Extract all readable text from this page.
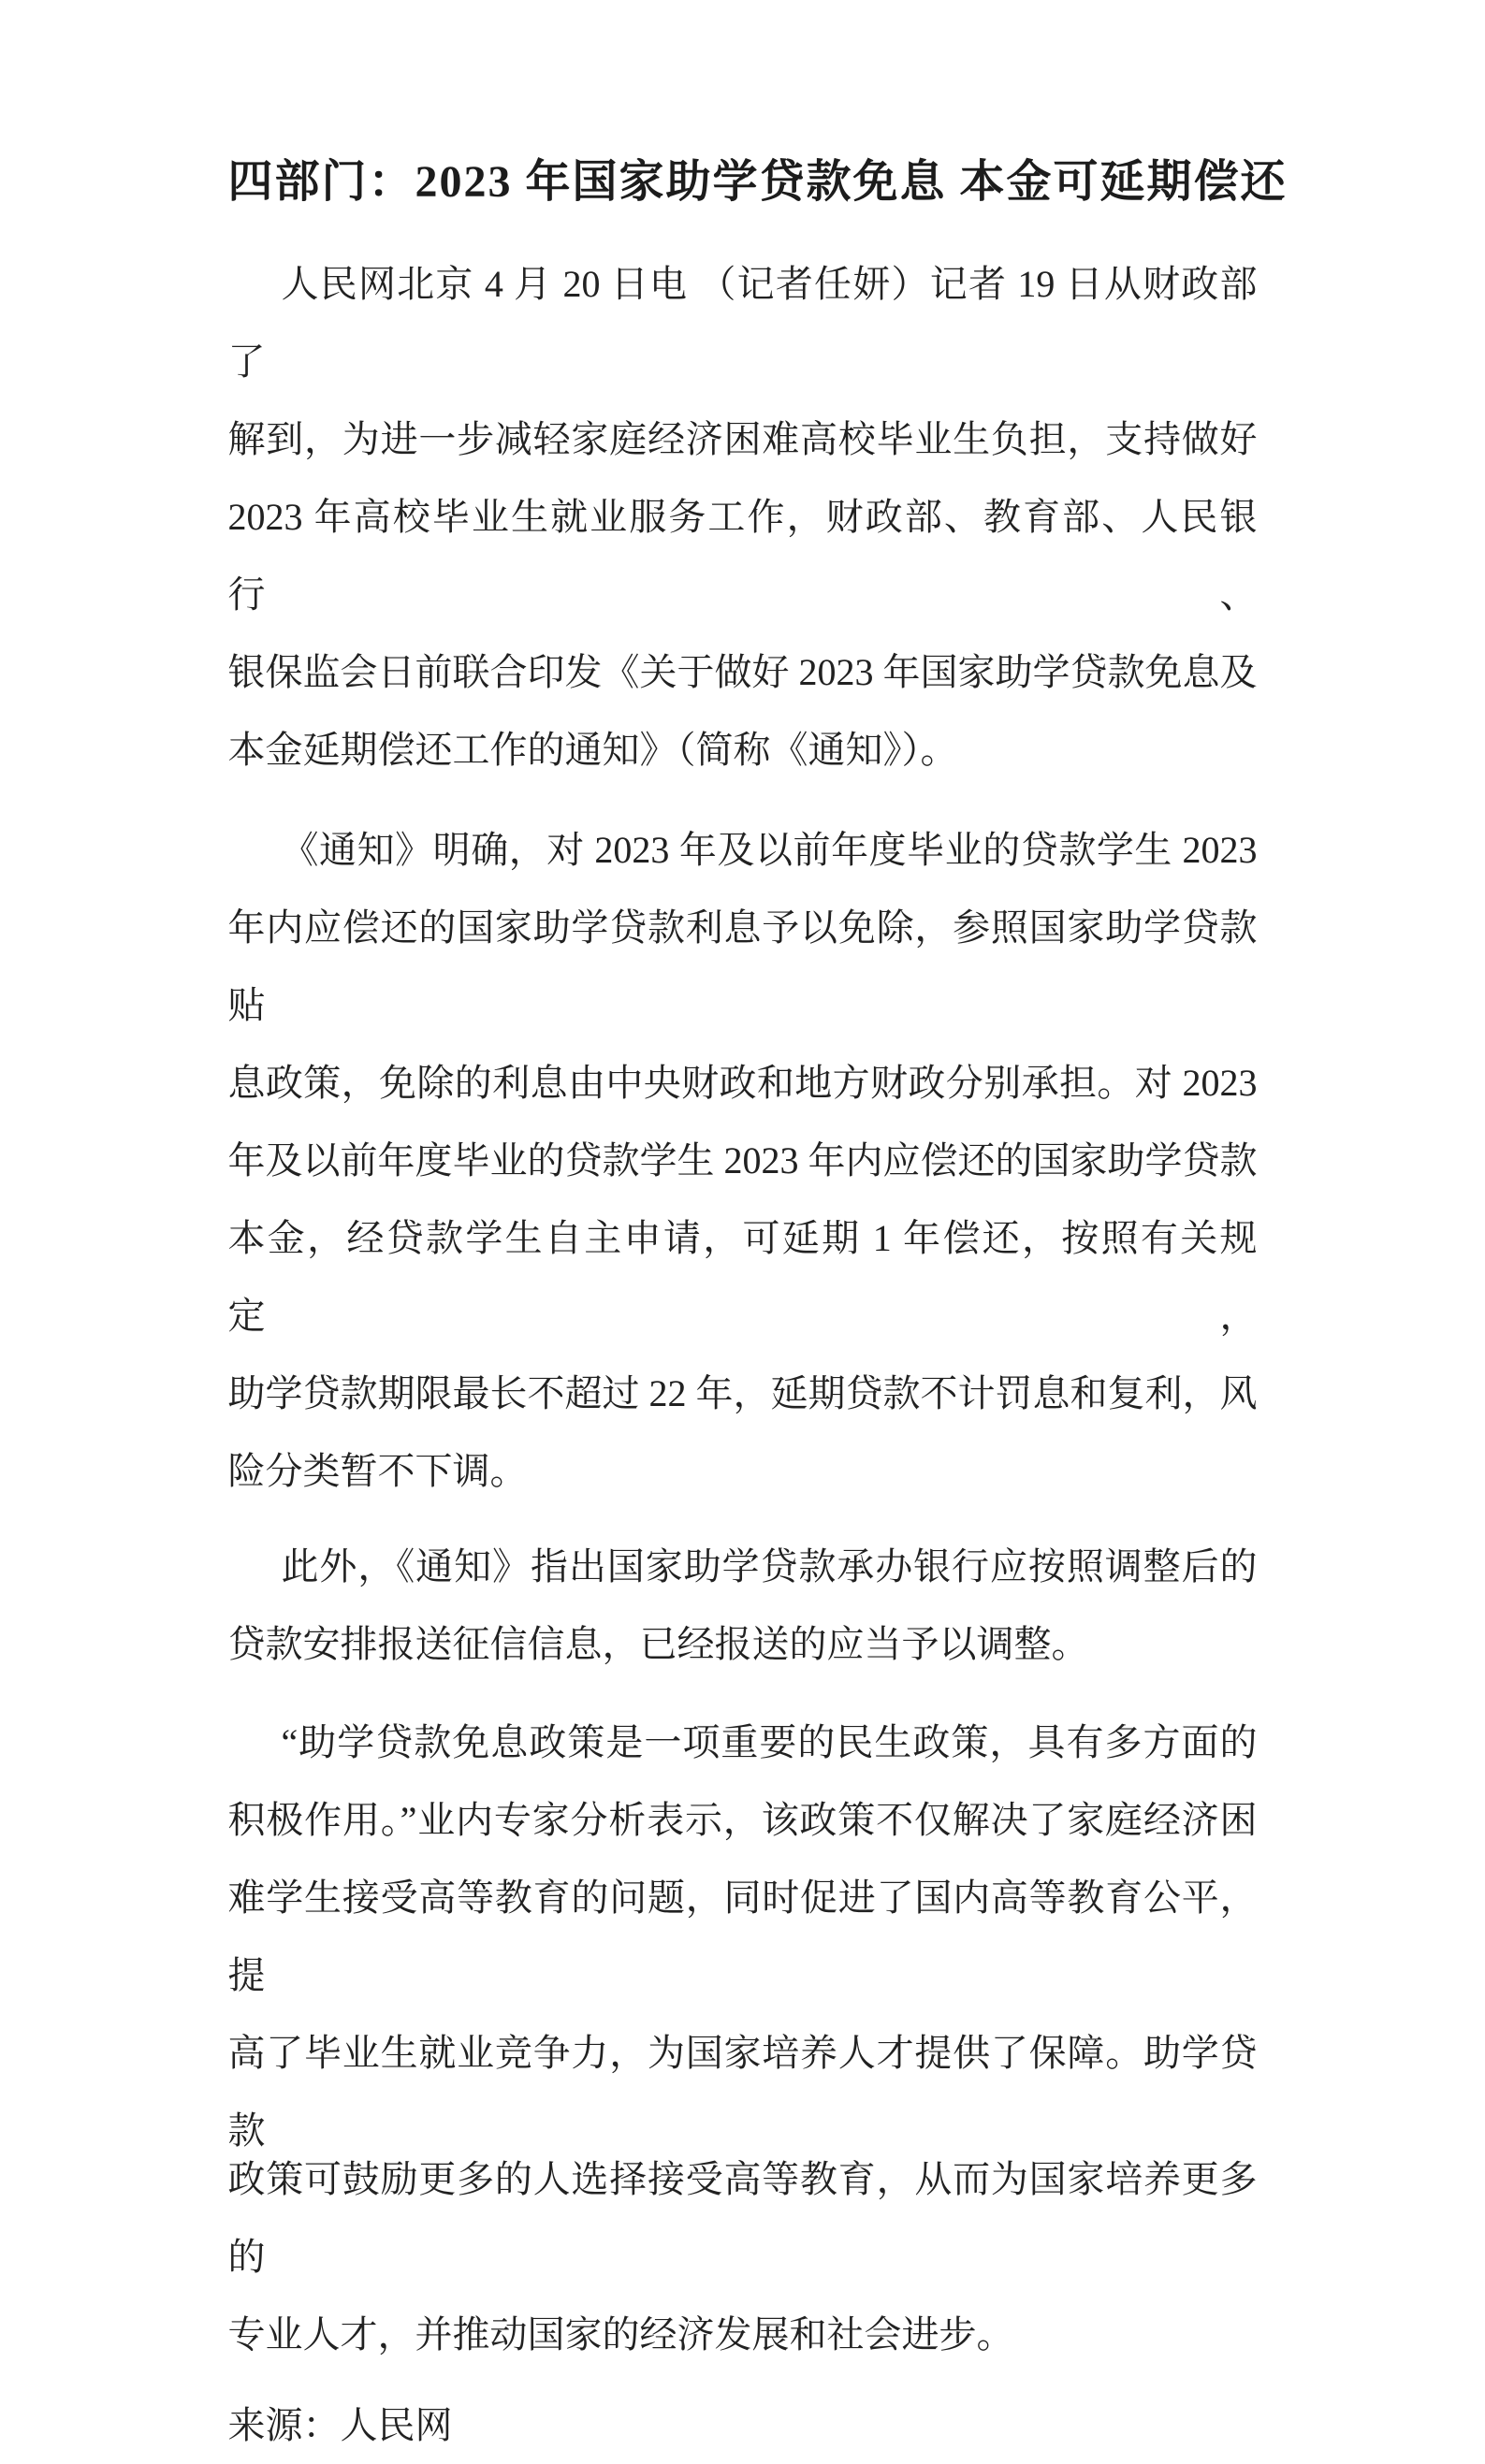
四部门：2023 年国家助学贷款免息 本金可延期偿还
人民网北京 4 月 20 日电 （记者任妍）记者 19 日从财政部了
解到，为进一步减轻家庭经济困难高校毕业生负担，支持做好
2023 年高校毕业生就业服务工作，财政部、教育部、人民银行、
银保监会日前联合印发《关于做好 2023 年国家助学贷款免息及
本金延期偿还工作的通知》（简称《通知》）。
《通知》明确，对 2023 年及以前年度毕业的贷款学生 2023
年内应偿还的国家助学贷款利息予以免除，参照国家助学贷款贴
息政策，免除的利息由中央财政和地方财政分别承担。对 2023
年及以前年度毕业的贷款学生 2023 年内应偿还的国家助学贷款
本金，经贷款学生自主申请，可延期 1 年偿还，按照有关规定，
助学贷款期限最长不超过 22 年，延期贷款不计罚息和复利，风
险分类暂不下调。
此外，《通知》指出国家助学贷款承办银行应按照调整后的
贷款安排报送征信信息，已经报送的应当予以调整。
“助学贷款免息政策是一项重要的民生政策，具有多方面的
积极作用。”业内专家分析表示，该政策不仅解决了家庭经济困
难学生接受高等教育的问题，同时促进了国内高等教育公平，提
高了毕业生就业竞争力，为国家培养人才提供了保障。助学贷款
政策可鼓励更多的人选择接受高等教育，从而为国家培养更多的
专业人才，并推动国家的经济发展和社会进步。
来源：人民网
